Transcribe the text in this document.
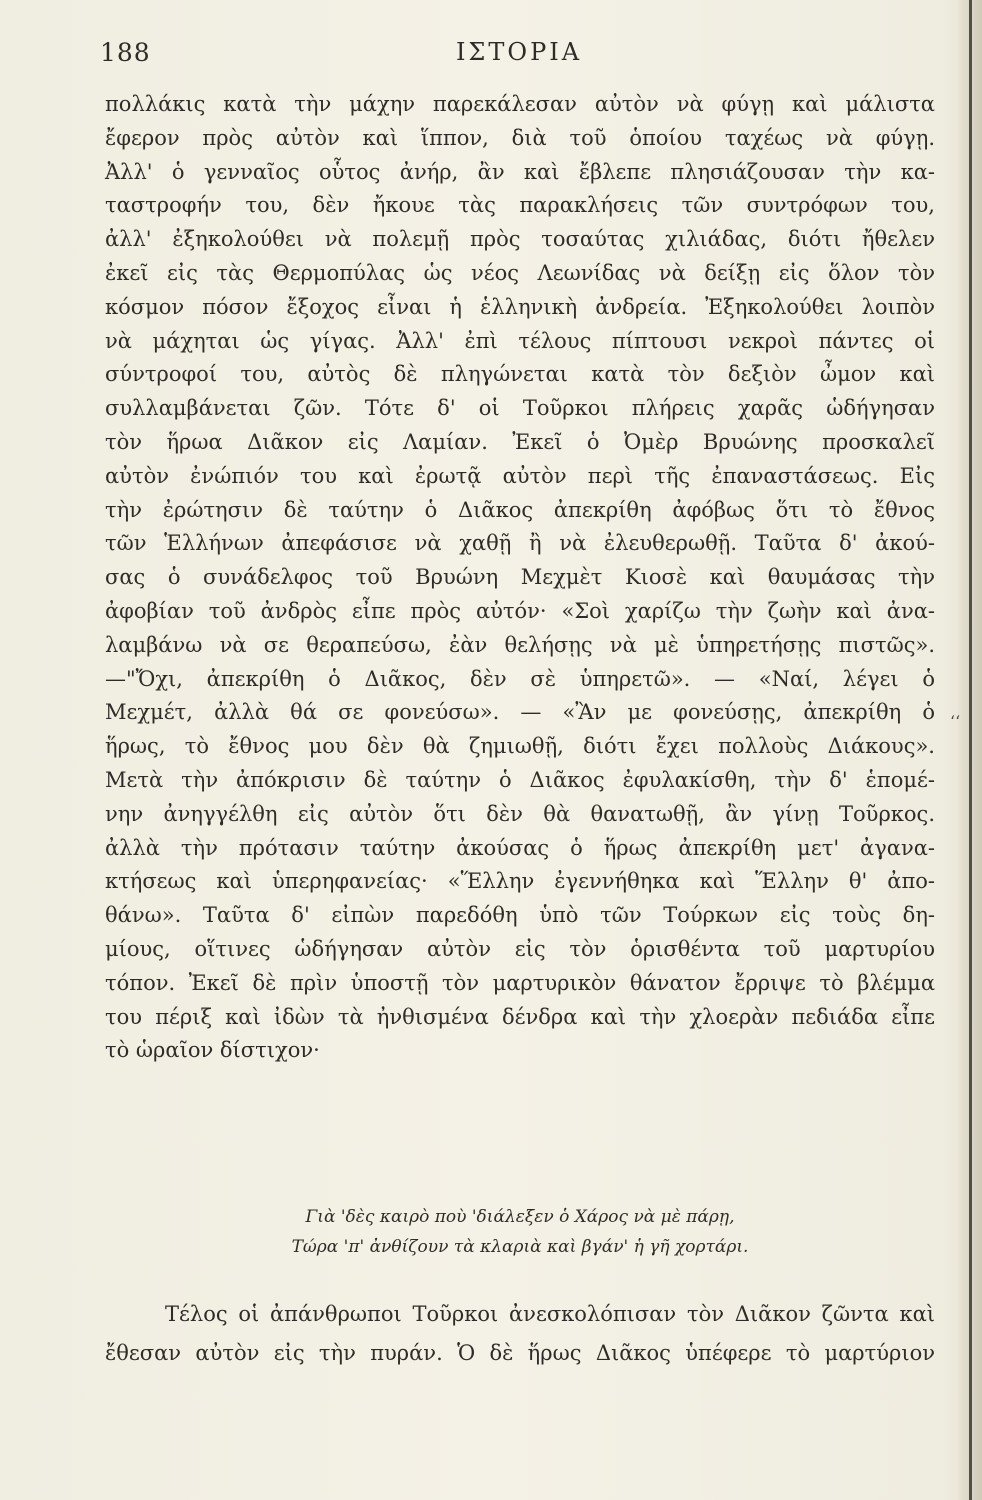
188	ΙΣΤΟΡΙΑ
πολλάκις κατὰ τὴν μάχην παρεκάλεσαν αὐτὸν νὰ φύγῃ καὶ μάλιστα
ἔφερον πρὸς αὐτὸν καὶ ἵππον, διὰ τοῦ ὁποίου ταχέως νὰ φύγῃ.
Ἀλλ' ὁ γενναῖος οὗτος ἀνήρ, ἂν καὶ ἔβλεπε πλησιάζουσαν τὴν κα-
ταστροφήν του, δὲν ἤκουε τὰς παρακλήσεις τῶν συντρόφων του,
ἀλλ' ἐξηκολούθει νὰ πολεμῇ πρὸς τοσαύτας χιλιάδας, διότι ἤθελεν
ἐκεῖ εἰς τὰς Θερμοπύλας ὡς νέος Λεωνίδας νὰ δείξῃ εἰς ὅλον τὸν
κόσμον πόσον ἔξοχος εἶναι ἡ ἑλληνικὴ ἀνδρεία. Ἐξηκολούθει λοιπὸν
νὰ μάχηται ὡς γίγας. Ἀλλ' ἐπὶ τέλους πίπτουσι νεκροὶ πάντες οἱ
σύντροφοί του, αὐτὸς δὲ πληγώνεται κατὰ τὸν δεξιὸν ὦμον καὶ
συλλαμβάνεται ζῶν. Τότε δ' οἱ Τοῦρκοι πλήρεις χαρᾶς ὡδήγησαν
τὸν ἥρωα Διᾶκον εἰς Λαμίαν. Ἐκεῖ ὁ Ὀμὲρ Βρυώνης προσκαλεῖ
αὐτὸν ἐνώπιόν του καὶ ἐρωτᾷ αὐτὸν περὶ τῆς ἐπαναστάσεως. Εἰς
τὴν ἐρώτησιν δὲ ταύτην ὁ Διᾶκος ἀπεκρίθη ἀφόβως ὅτι τὸ ἔθνος
τῶν Ἑλλήνων ἀπεφάσισε νὰ χαθῇ ἢ νὰ ἐλευθερωθῇ. Ταῦτα δ' ἀκού-
σας ὁ συνάδελφος τοῦ Βρυώνη Μεχμὲτ Κιοσὲ καὶ θαυμάσας τὴν
ἀφοβίαν τοῦ ἀνδρὸς εἶπε πρὸς αὐτόν· «Σοὶ χαρίζω τὴν ζωὴν καὶ ἀνα-
λαμβάνω νὰ σε θεραπεύσω, ἐὰν θελήσῃς νὰ μὲ ὑπηρετήσῃς πιστῶς».
—"Ὄχι, ἀπεκρίθη ὁ Διᾶκος, δὲν σὲ ὑπηρετῶ». — «Ναί, λέγει ὁ
Μεχμέτ, ἀλλὰ θά σε φονεύσω». — «Ἂν με φονεύσῃς, ἀπεκρίθη ὁ
ἥρως, τὸ ἔθνος μου δὲν θὰ ζημιωθῇ, διότι ἔχει πολλοὺς Διάκους».
Μετὰ τὴν ἀπόκρισιν δὲ ταύτην ὁ Διᾶκος ἐφυλακίσθη, τὴν δ' ἑπομέ-
νην ἀνηγγέλθη εἰς αὐτὸν ὅτι δὲν θὰ θανατωθῇ, ἂν γίνῃ Τοῦρκος.
ἀλλὰ τὴν πρότασιν ταύτην ἀκούσας ὁ ἥρως ἀπεκρίθη μετ' ἀγανα-
κτήσεως καὶ ὑπερηφανείας· «Ἕλλην ἐγεννήθηκα καὶ Ἕλλην θ' ἀπο-
θάνω». Ταῦτα δ' εἰπὼν παρεδόθη ὑπὸ τῶν Τούρκων εἰς τοὺς δη-
μίους, οἵτινες ὡδήγησαν αὐτὸν εἰς τὸν ὁρισθέντα τοῦ μαρτυρίου
τόπον. Ἐκεῖ δὲ πρὶν ὑποστῇ τὸν μαρτυρικὸν θάνατον ἔρριψε τὸ βλέμμα
του πέριξ καὶ ἰδὼν τὰ ἠνθισμένα δένδρα καὶ τὴν χλοερὰν πεδιάδα εἶπε
τὸ ὡραῖον δίστιχον·
‘‘
Γιὰ 'δὲς καιρὸ ποὺ 'διάλεξεν ὁ Χάρος νὰ μὲ πάρῃ,
Τώρα 'π' ἀνθίζουν τὰ κλαριὰ καὶ βγάν' ἡ γῆ χορτάρι.
Τέλος οἱ ἀπάνθρωποι Τοῦρκοι ἀνεσκολόπισαν τὸν Διᾶκον ζῶντα καὶ
ἔθεσαν αὐτὸν εἰς τὴν πυράν. Ὁ δὲ ἥρως Διᾶκος ὑπέφερε τὸ μαρτύριον
